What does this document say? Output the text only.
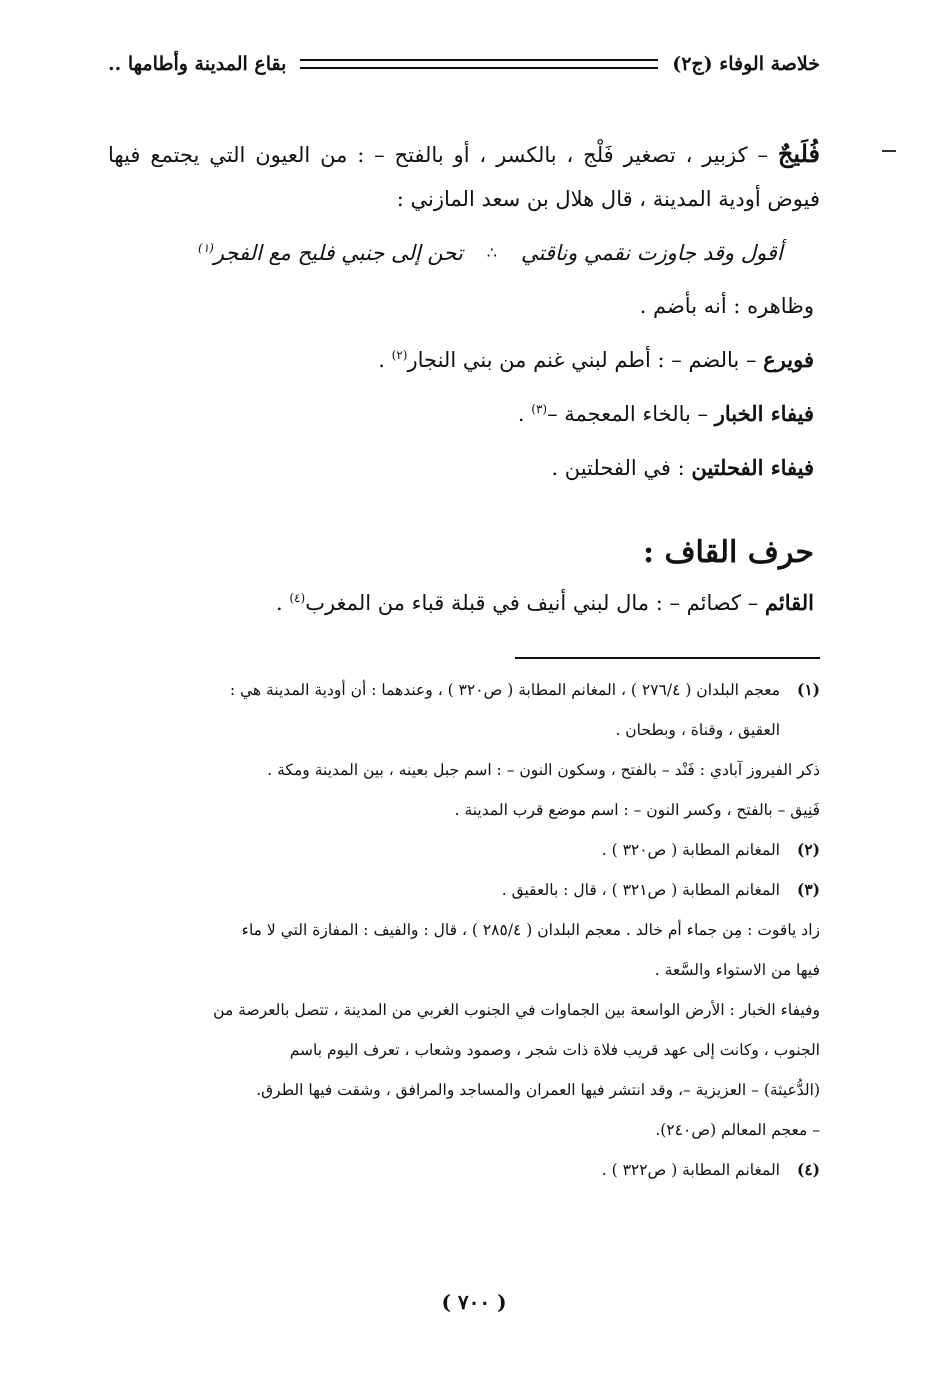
خلاصة الوفاء (ج٢)
بقاع المدينة وأطامها ..

فُلَيجٌ – كزبير ، تصغير فَلْج ، بالكسر ، أو بالفتح – : من العيون التي يجتمع فيها فيوض أودية المدينة ، قال هلال بن سعد المازني :

أقول وقد جاوزت نقمي وناقتي
∴
تحن إلى جنبي فليح مع الفجر$^{(١)}$

وظاهره : أنه بأضم .

فويرع – بالضم – : أطم لبني غنم من بني النجار$^{(٢)}$ .

فيفاء الخبار – بالخاء المعجمة –$^{(٣)}$ .

فيفاء الفحلتين : في الفحلتين .

حرف القاف :

القائم – كصائم – : مال لبني أنيف في قبلة قباء من المغرب$^{(٤)}$ .

(١)
معجم البلدان ( ٢٧٦/٤ ) ، المغانم المطابة ( ص٣٢٠ ) ، وعندهما : أن أودية المدينة هي :

العقيق ، وقناة ، وبطحان .

ذكر الفيروز آبادي : فَنْد – بالفتح ، وسكون النون – : اسم جبل بعينه ، بين المدينة ومكة .

فَنِيق – بالفتح ، وكسر النون – : اسم موضع قرب المدينة .

(٢)
المغانم المطابة ( ص٣٢٠ ) .
(٣)
المغانم المطابة ( ص٣٢١ ) ، قال : بالعقيق .

زاد ياقوت : مِن جماء أم خالد . معجم البلدان ( ٢٨٥/٤ ) ، قال : والفيف : المفازة التي لا ماء

فيها من الاستواء والسَّعة .

وفيفاء الخبار : الأرض الواسعة بين الجماوات في الجنوب الغربي من المدينة ، تتصل بالعرصة من

الجنوب ، وكانت إلى عهد قريب فلاة ذات شجر ، وصمود وشعاب ، تعرف اليوم باسم

(الدُّعيثة) – العزيزية –، وقد انتشر فيها العمران والمساجد والمرافق ، وشقت فيها الطرق.

– معجم المعالم (ص٢٤٠).

(٤)
المغانم المطابة ( ص٣٢٢ ) .
( ٧٠٠ )
